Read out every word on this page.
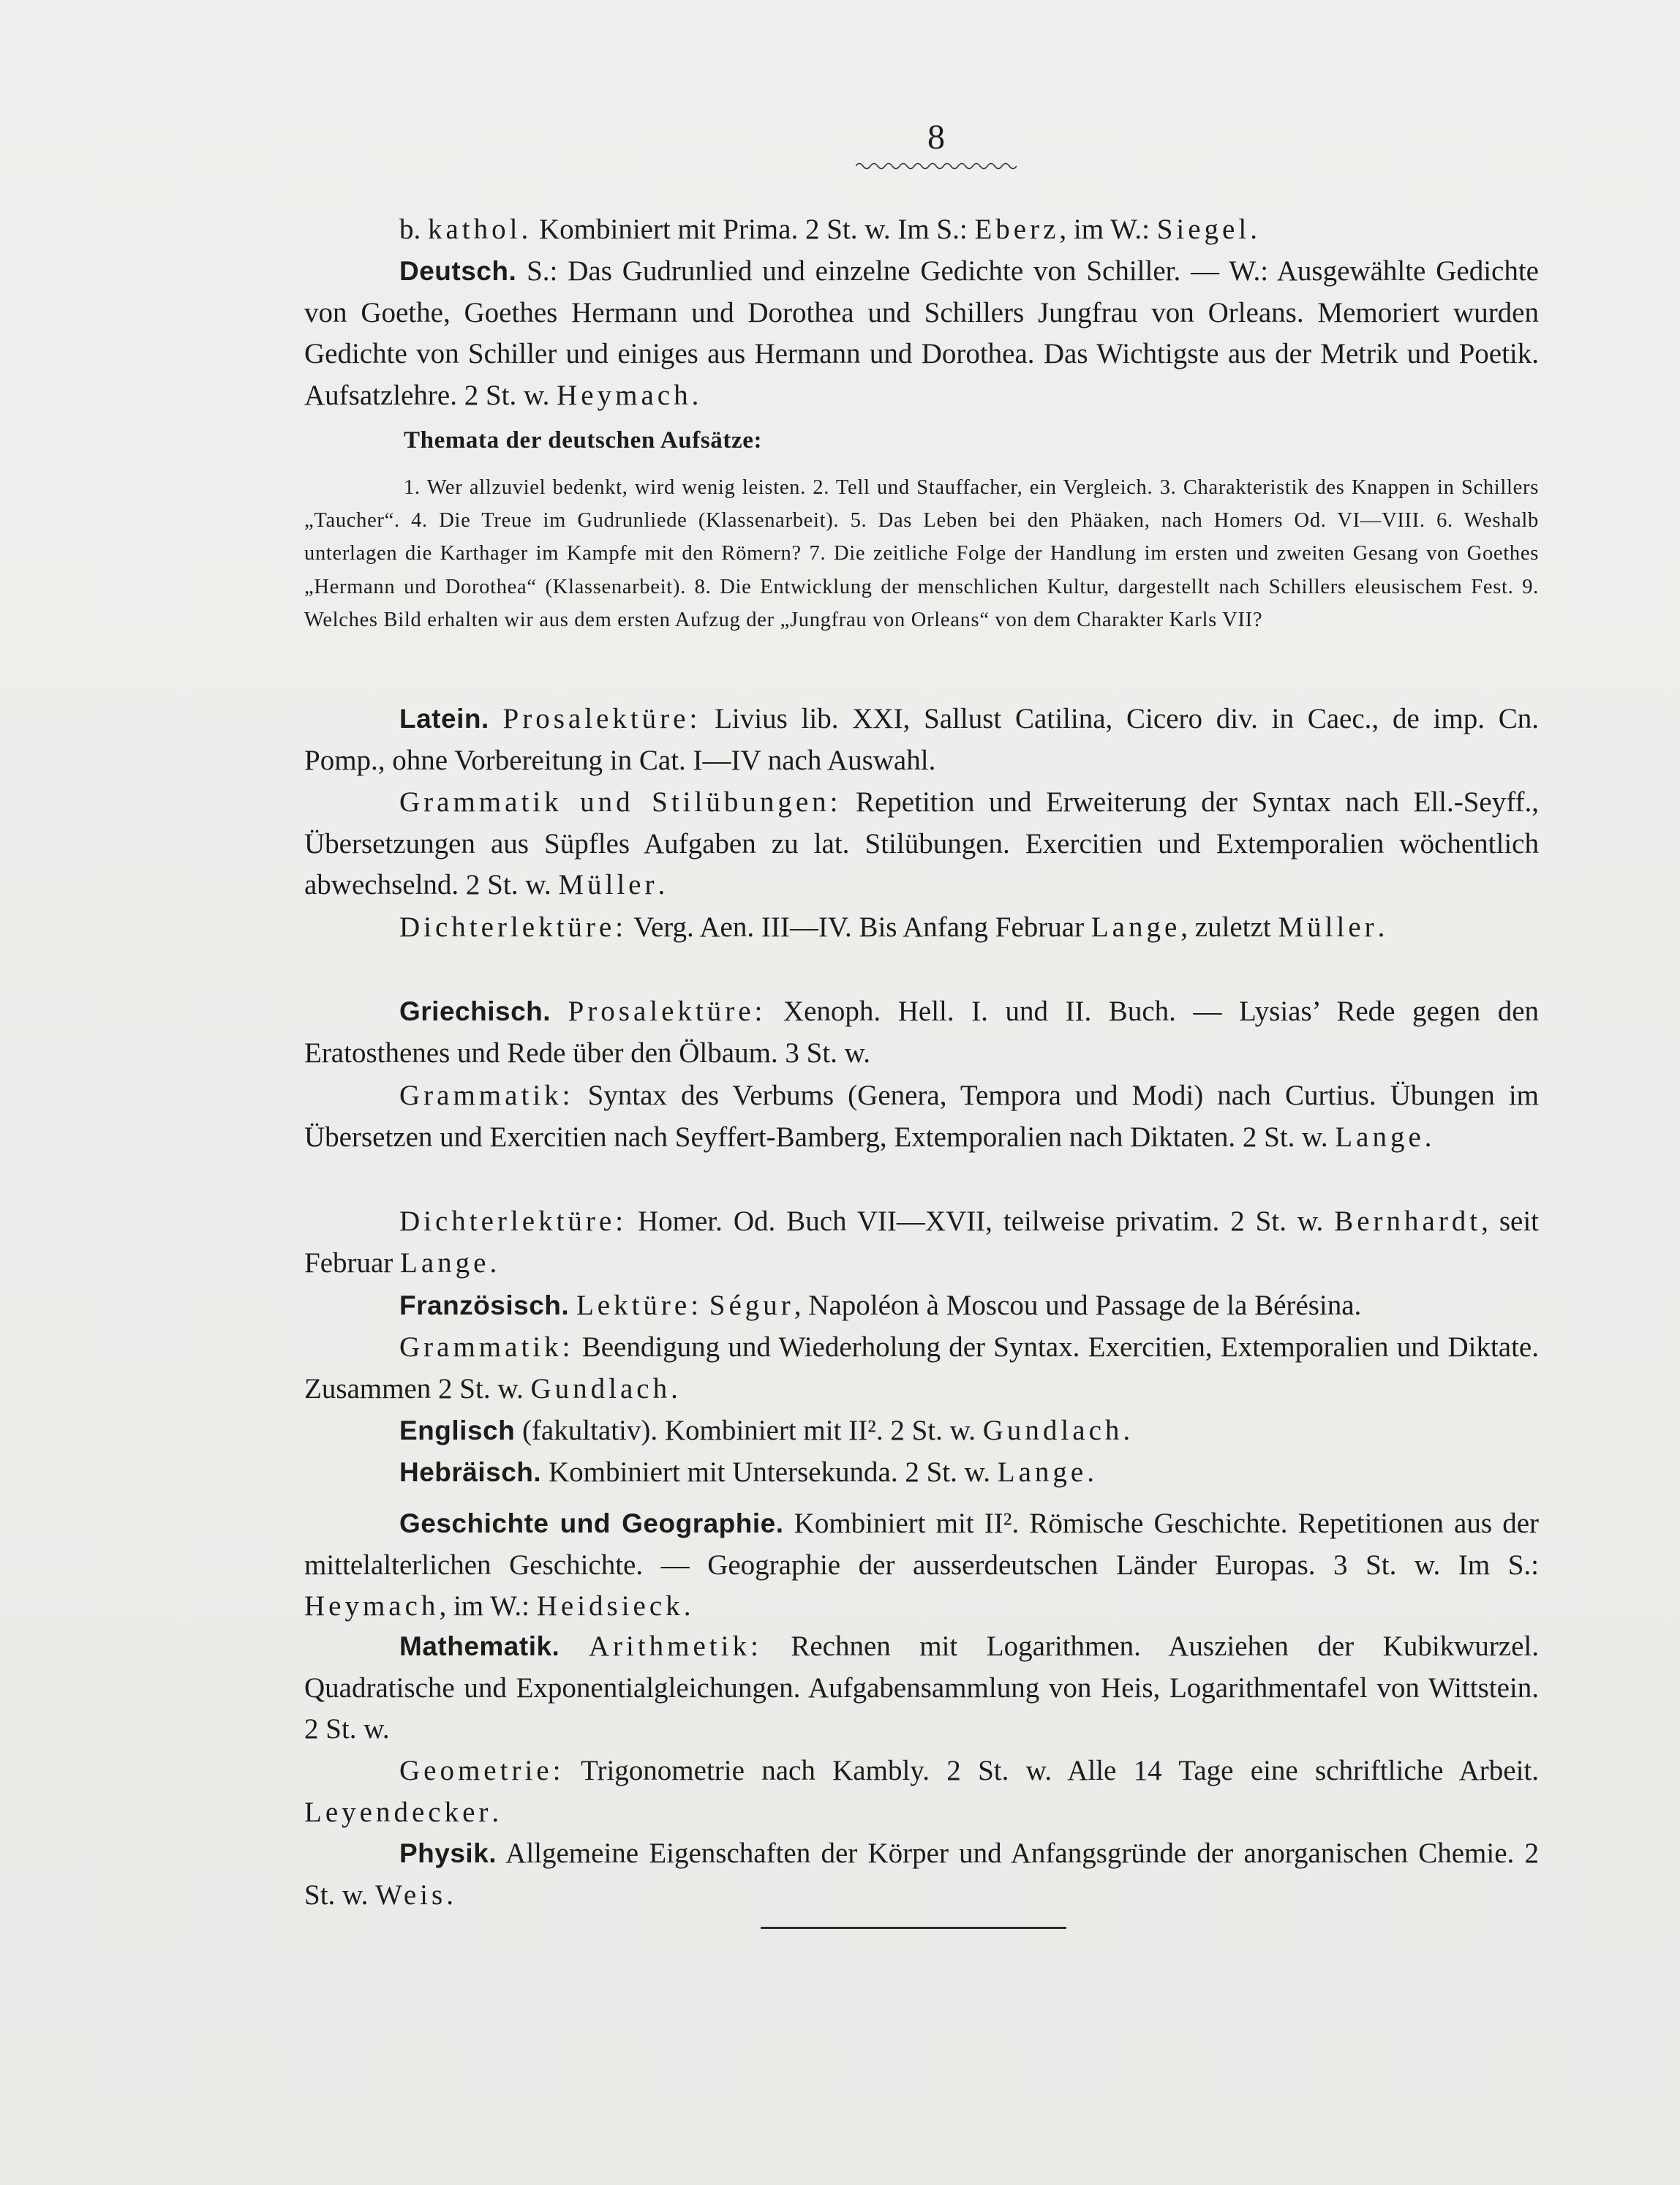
8
b. kathol. Kombiniert mit Prima. 2 St. w. Im S.: Eberz, im W.: Siegel.
Deutsch. S.: Das Gudrunlied und einzelne Gedichte von Schiller. — W.: Ausgewählte Gedichte von Goethe, Goethes Hermann und Dorothea und Schillers Jungfrau von Orleans. Memoriert wurden Gedichte von Schiller und einiges aus Hermann und Dorothea. Das Wichtigste aus der Metrik und Poetik. Aufsatzlehre. 2 St. w. Heymach.
Themata der deutschen Aufsätze:
1. Wer allzuviel bedenkt, wird wenig leisten. 2. Tell und Stauffacher, ein Vergleich. 3. Charakteristik des Knappen in Schillers „Taucher“. 4. Die Treue im Gudrunliede (Klassenarbeit). 5. Das Leben bei den Phäaken, nach Homers Od. VI—VIII. 6. Weshalb unterlagen die Karthager im Kampfe mit den Römern? 7. Die zeitliche Folge der Handlung im ersten und zweiten Gesang von Goethes „Hermann und Dorothea“ (Klassenarbeit). 8. Die Entwicklung der menschlichen Kultur, dargestellt nach Schillers eleusischem Fest. 9. Welches Bild erhalten wir aus dem ersten Aufzug der „Jungfrau von Orleans“ von dem Charakter Karls VII?
Latein. Prosalektüre: Livius lib. XXI, Sallust Catilina, Cicero div. in Caec., de imp. Cn. Pomp., ohne Vorbereitung in Cat. I—IV nach Auswahl.
Grammatik und Stilübungen: Repetition und Erweiterung der Syntax nach Ell.-Seyff., Übersetzungen aus Süpfles Aufgaben zu lat. Stilübungen. Exercitien und Extemporalien wöchentlich abwechselnd. 2 St. w. Müller.
Dichterlektüre: Verg. Aen. III—IV. Bis Anfang Februar Lange, zuletzt Müller.
Griechisch. Prosalektüre: Xenoph. Hell. I. und II. Buch. — Lysias’ Rede gegen den Eratosthenes und Rede über den Ölbaum. 3 St. w.
Grammatik: Syntax des Verbums (Genera, Tempora und Modi) nach Curtius. Übungen im Übersetzen und Exercitien nach Seyffert-Bamberg, Extemporalien nach Diktaten. 2 St. w. Lange.
Dichterlektüre: Homer. Od. Buch VII—XVII, teilweise privatim. 2 St. w. Bernhardt, seit Februar Lange.
Französisch. Lektüre: Ségur, Napoléon à Moscou und Passage de la Bérésina.
Grammatik: Beendigung und Wiederholung der Syntax. Exercitien, Extemporalien und Diktate. Zusammen 2 St. w. Gundlach.
Englisch (fakultativ). Kombiniert mit II². 2 St. w. Gundlach.
Hebräisch. Kombiniert mit Untersekunda. 2 St. w. Lange.
Geschichte und Geographie. Kombiniert mit II². Römische Geschichte. Repetitionen aus der mittelalterlichen Geschichte. — Geographie der ausserdeutschen Länder Europas. 3 St. w. Im S.: Heymach, im W.: Heidsieck.
Mathematik. Arithmetik: Rechnen mit Logarithmen. Ausziehen der Kubikwurzel. Quadratische und Exponentialgleichungen. Aufgabensammlung von Heis, Logarithmentafel von Wittstein. 2 St. w.
Geometrie: Trigonometrie nach Kambly. 2 St. w. Alle 14 Tage eine schriftliche Arbeit. Leyendecker.
Physik. Allgemeine Eigenschaften der Körper und Anfangsgründe der anorganischen Chemie. 2 St. w. Weis.
